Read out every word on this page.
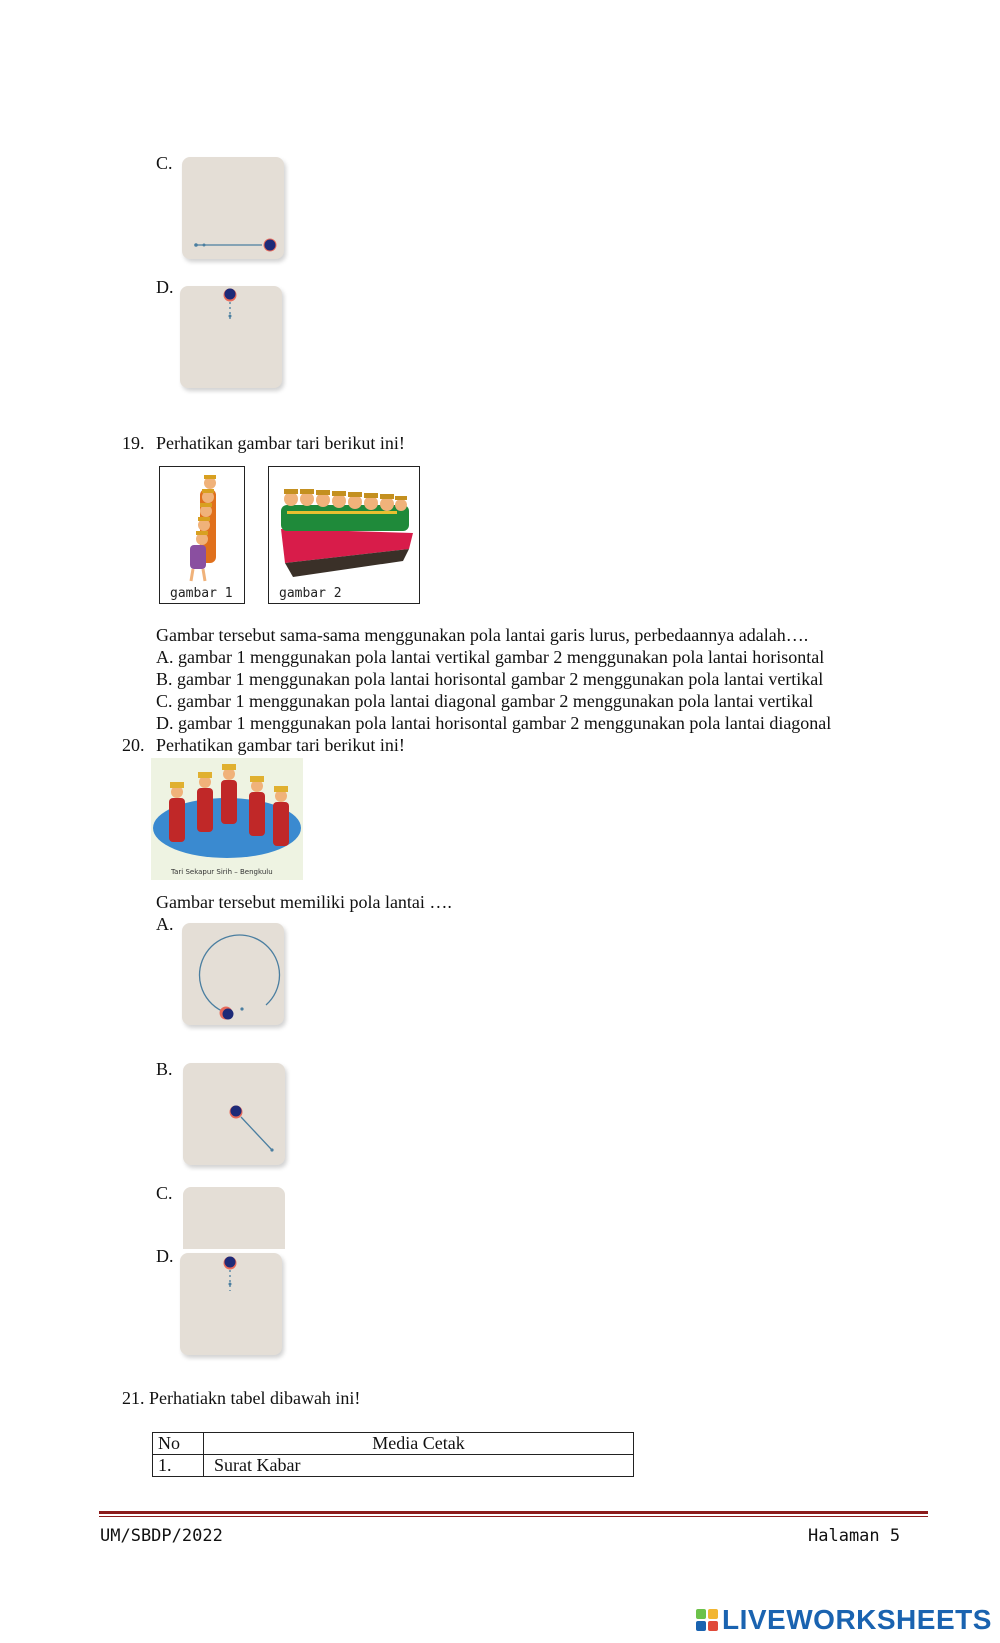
C.
D.
19. Perhatikan gambar tari berikut ini!
gambar 1	gambar 2
Gambar tersebut sama-sama menggunakan pola lantai garis lurus, perbedaannya adalah….
A. gambar 1 menggunakan pola lantai vertikal gambar 2 menggunakan pola lantai horisontal
B. gambar 1 menggunakan pola lantai horisontal gambar 2 menggunakan pola lantai vertikal
C. gambar 1 menggunakan pola lantai diagonal gambar 2 menggunakan pola lantai vertikal
D. gambar 1 menggunakan pola lantai horisontal gambar 2 menggunakan pola lantai diagonal
20. Perhatikan gambar tari berikut ini!
Tari Sekapur Sirih – Bengkulu
Gambar tersebut memiliki pola lantai ….
A.
B.
C.
D.
21. Perhatiakn tabel dibawah ini!
No	Media Cetak
1.	Surat Kabar
UM/SBDP/2022	Halaman 5
LIVEWORKSHEETS
